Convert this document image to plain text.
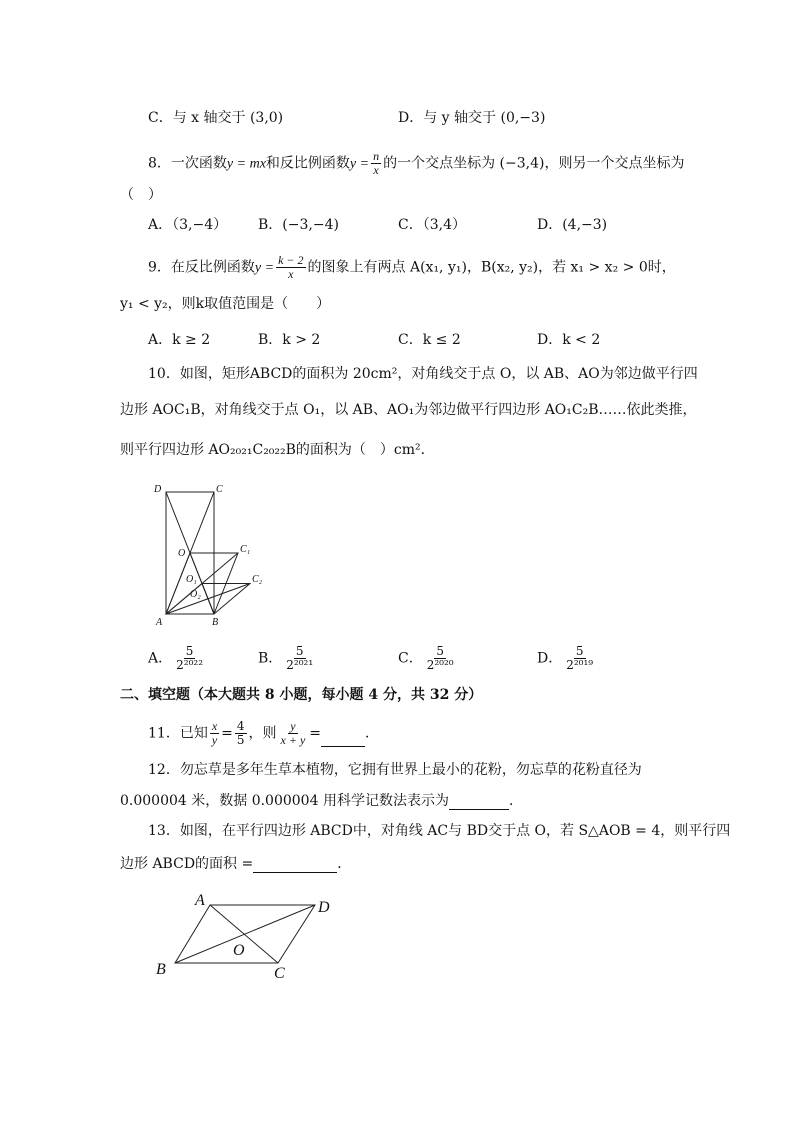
C．与 x 轴交于 (3,0)	D．与 y 轴交于 (0,−3)
8．一次函数y = mx和反比例函数$y = \frac{n}{x}$ 的一个交点坐标为 (−3,4)，则另一个交点坐标为
（　）
A．（3,−4） B．(−3,−4)	C．（3,4）	D．(4,−3)
9．在反比例函数$y = \frac{k - 2}{x}$ 的图象上有两点 A(x₁, y₁)，B(x₂, y₂)，若 x₁ > x₂ > 0时，
y₁ < y₂，则k取值范围是（　　）
A．k ≥ 2	B．k > 2	C．k ≤ 2	D．k < 2
10．如图，矩形ABCD的面积为 20cm²，对角线交于点 O，以 AB、AO为邻边做平行四
边形 AOC₁B，对角线交于点 O₁，以 AB、AO₁为邻边做平行四边形 AO₁C₂B……依此类推，
则平行四边形 AO₂₀₂₁C₂₀₂₂B的面积为（　）cm²．
D	C
O	C₁
O₁	C₂
O₂
A	B
A． $\frac{5}{\text{2²⁰²²}}$	B． $\frac{5}{\text{2²⁰²¹}}$	C． $\frac{5}{\text{2²⁰²⁰}}$	D． $\frac{5}{\text{2²⁰¹⁹}}$
二、填空题（本大题共 8 小题，每小题 4 分，共 32 分）
11．已知 $\frac{x}{y} = \frac{4}{5}$ ，则 $\frac{y}{x + y}$ =	．
12．勿忘草是多年生草本植物，它拥有世界上最小的花粉，勿忘草的花粉直径为
0.000004 米，数据 0.000004 用科学记数法表示为	．
13．如图，在平行四边形 ABCD中，对角线 AC与 BD交于点 O，若 S△AOB = 4，则平行四
边形 ABCD的面积 =	．
A	D
O
B	C
